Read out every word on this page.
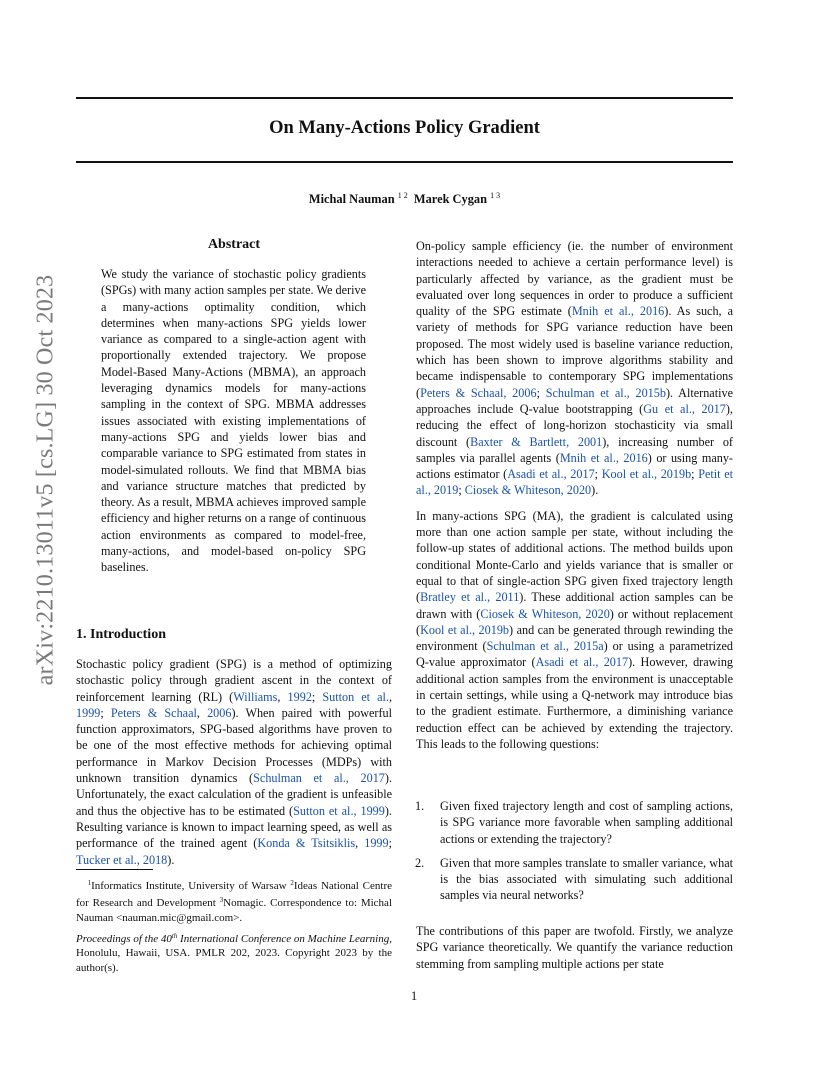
arXiv:2210.13011v5 [cs.LG] 30 Oct 2023
On Many-Actions Policy Gradient
Michal Nauman $^{1 2}$ Marek Cygan $^{1 3}$
Abstract
We study the variance of stochastic policy gradients (SPGs) with many action samples per state. We derive a many-actions optimality condition, which determines when many-actions SPG yields lower variance as compared to a single-action agent with proportionally extended trajectory. We propose Model-Based Many-Actions (MBMA), an approach leveraging dynamics models for many-actions sampling in the context of SPG. MBMA addresses issues associated with existing implementations of many-actions SPG and yields lower bias and comparable variance to SPG estimated from states in model-simulated rollouts. We find that MBMA bias and variance structure matches that predicted by theory. As a result, MBMA achieves improved sample efficiency and higher returns on a range of continuous action environments as compared to model-free, many-actions, and model-based on-policy SPG baselines.
1. Introduction

Stochastic policy gradient (SPG) is a method of optimizing stochastic policy through gradient ascent in the context of reinforcement learning (RL) (Williams, 1992; Sutton et al., 1999; Peters & Schaal, 2006). When paired with powerful function approximators, SPG-based algorithms have proven to be one of the most effective methods for achieving optimal performance in Markov Decision Processes (MDPs) with unknown transition dynamics (Schulman et al., 2017). Unfortunately, the exact calculation of the gradient is unfeasible and thus the objective has to be estimated (Sutton et al., 1999). Resulting variance is known to impact learning speed, as well as performance of the trained agent (Konda & Tsitsiklis, 1999; Tucker et al., 2018).

$^1$Informatics Institute, University of Warsaw $^2$Ideas National Centre for Research and Development $^3$Nomagic. Correspondence to: Michal Nauman <nauman.mic@gmail.com>.
Proceedings of the 40th International Conference on Machine Learning, Honolulu, Hawaii, USA. PMLR 202, 2023. Copyright 2023 by the author(s).

On-policy sample efficiency (ie. the number of environment interactions needed to achieve a certain performance level) is particularly affected by variance, as the gradient must be evaluated over long sequences in order to produce a sufficient quality of the SPG estimate (Mnih et al., 2016). As such, a variety of methods for SPG variance reduction have been proposed. The most widely used is baseline variance reduction, which has been shown to improve algorithms stability and became indispensable to contemporary SPG implementations (Peters & Schaal, 2006; Schulman et al., 2015b). Alternative approaches include Q-value bootstrapping (Gu et al., 2017), reducing the effect of long-horizon stochasticity via small discount (Baxter & Bartlett, 2001), increasing number of samples via parallel agents (Mnih et al., 2016) or using many-actions estimator (Asadi et al., 2017; Kool et al., 2019b; Petit et al., 2019; Ciosek & Whiteson, 2020).

In many-actions SPG (MA), the gradient is calculated using more than one action sample per state, without including the follow-up states of additional actions. The method builds upon conditional Monte-Carlo and yields variance that is smaller or equal to that of single-action SPG given fixed trajectory length (Bratley et al., 2011). These additional action samples can be drawn with (Ciosek & Whiteson, 2020) or without replacement (Kool et al., 2019b) and can be generated through rewinding the environment (Schulman et al., 2015a) or using a parametrized Q-value approximator (Asadi et al., 2017). However, drawing additional action samples from the environment is unacceptable in certain settings, while using a Q-network may introduce bias to the gradient estimate. Furthermore, a diminishing variance reduction effect can be achieved by extending the trajectory. This leads to the following questions:

1. Given fixed trajectory length and cost of sampling actions, is SPG variance more favorable when sampling additional actions or extending the trajectory?
2. Given that more samples translate to smaller variance, what is the bias associated with simulating such additional samples via neural networks?
The contributions of this paper are twofold. Firstly, we analyze SPG variance theoretically. We quantify the variance reduction stemming from sampling multiple actions per state
1
